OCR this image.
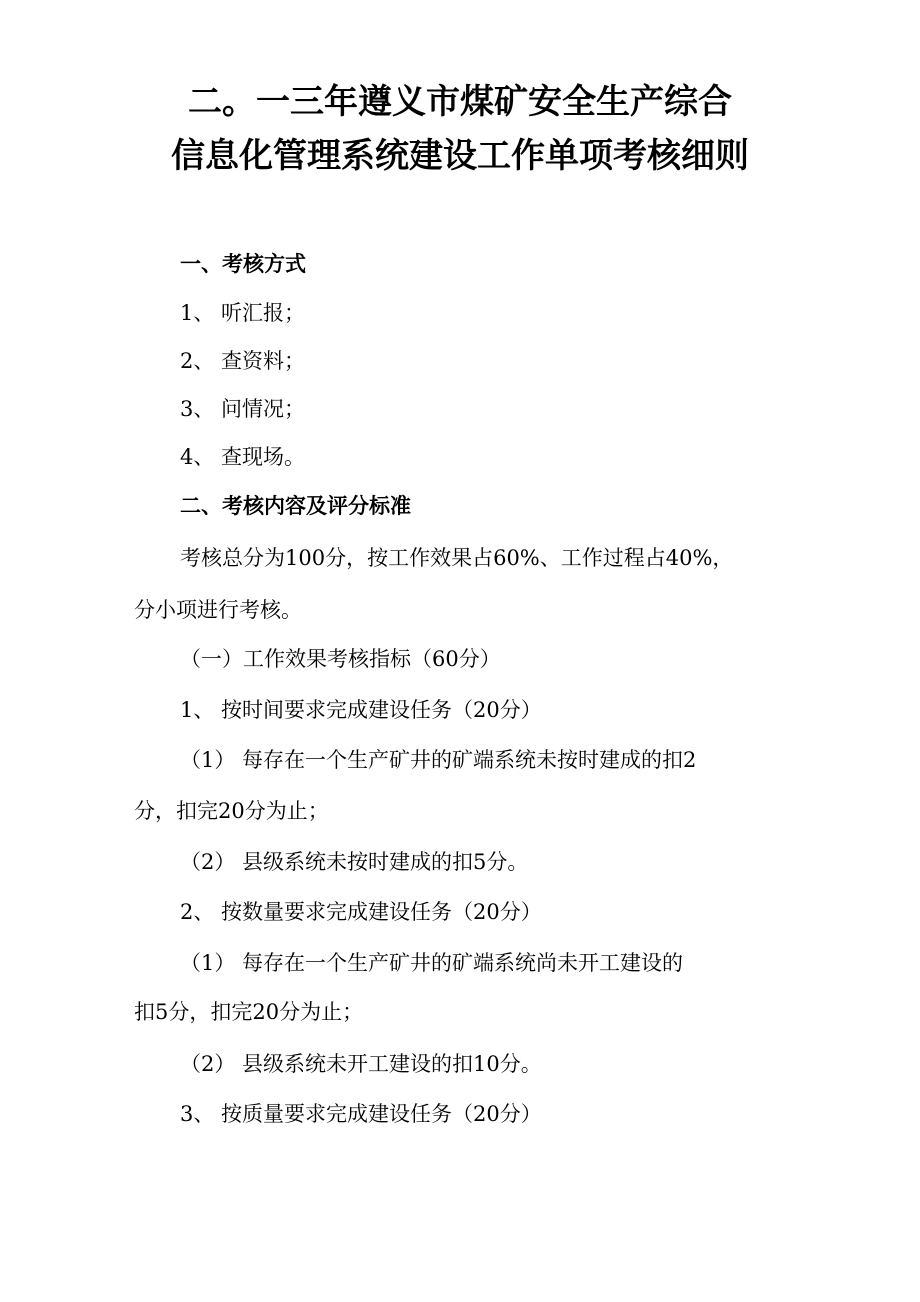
二。一三年遵义市煤矿安全生产综合
信息化管理系统建设工作单项考核细则
一、考核方式
1、 听汇报；
2、 查资料；
3、 问情况；
4、 查现场。
二、考核内容及评分标准
考核总分为100分，按工作效果占60%、工作过程占40%，
分小项进行考核。
（一）工作效果考核指标（60分）
1、 按时间要求完成建设任务（20分）
（1） 每存在一个生产矿井的矿端系统未按时建成的扣2
分，扣完20分为止；
（2） 县级系统未按时建成的扣5分。
2、 按数量要求完成建设任务（20分）
（1） 每存在一个生产矿井的矿端系统尚未开工建设的
扣5分，扣完20分为止；
（2） 县级系统未开工建设的扣10分。
3、 按质量要求完成建设任务（20分）
